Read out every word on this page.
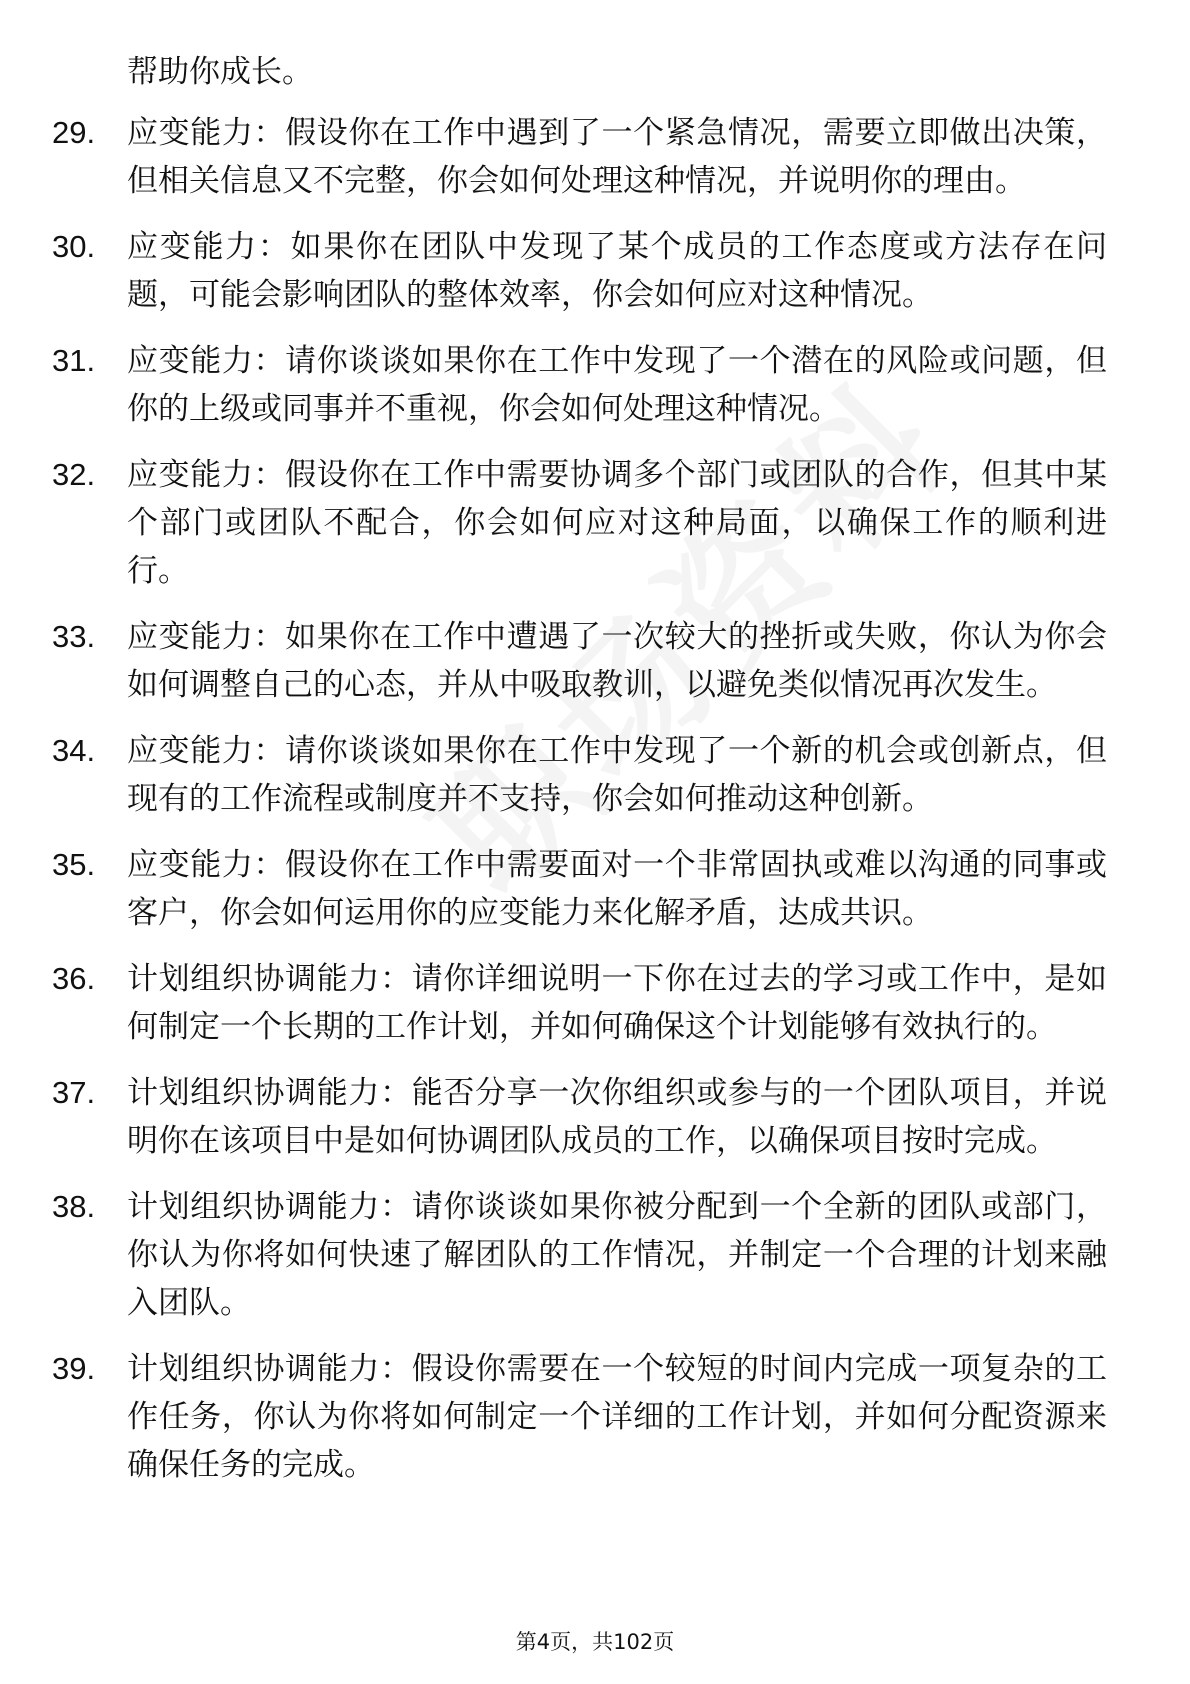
帮助你成长。
29.	应变能力：假设你在工作中遇到了一个紧急情况，需要立即做出决策，但相关信息又不完整，你会如何处理这种情况，并说明你的理由。
30.	应变能力：如果你在团队中发现了某个成员的工作态度或方法存在问题，可能会影响团队的整体效率，你会如何应对这种情况。
31.	应变能力：请你谈谈如果你在工作中发现了一个潜在的风险或问题，但你的上级或同事并不重视，你会如何处理这种情况。
32.	应变能力：假设你在工作中需要协调多个部门或团队的合作，但其中某个部门或团队不配合，你会如何应对这种局面，以确保工作的顺利进行。
33.	应变能力：如果你在工作中遭遇了一次较大的挫折或失败，你认为你会如何调整自己的心态，并从中吸取教训，以避免类似情况再次发生。
34.	应变能力：请你谈谈如果你在工作中发现了一个新的机会或创新点，但现有的工作流程或制度并不支持，你会如何推动这种创新。
35.	应变能力：假设你在工作中需要面对一个非常固执或难以沟通的同事或客户，你会如何运用你的应变能力来化解矛盾，达成共识。
36.	计划组织协调能力：请你详细说明一下你在过去的学习或工作中，是如何制定一个长期的工作计划，并如何确保这个计划能够有效执行的。
37.	计划组织协调能力：能否分享一次你组织或参与的一个团队项目，并说明你在该项目中是如何协调团队成员的工作，以确保项目按时完成。
38.	计划组织协调能力：请你谈谈如果你被分配到一个全新的团队或部门，你认为你将如何快速了解团队的工作情况，并制定一个合理的计划来融入团队。
39.	计划组织协调能力：假设你需要在一个较短的时间内完成一项复杂的工作任务，你认为你将如何制定一个详细的工作计划，并如何分配资源来确保任务的完成。
第4页，共102页
